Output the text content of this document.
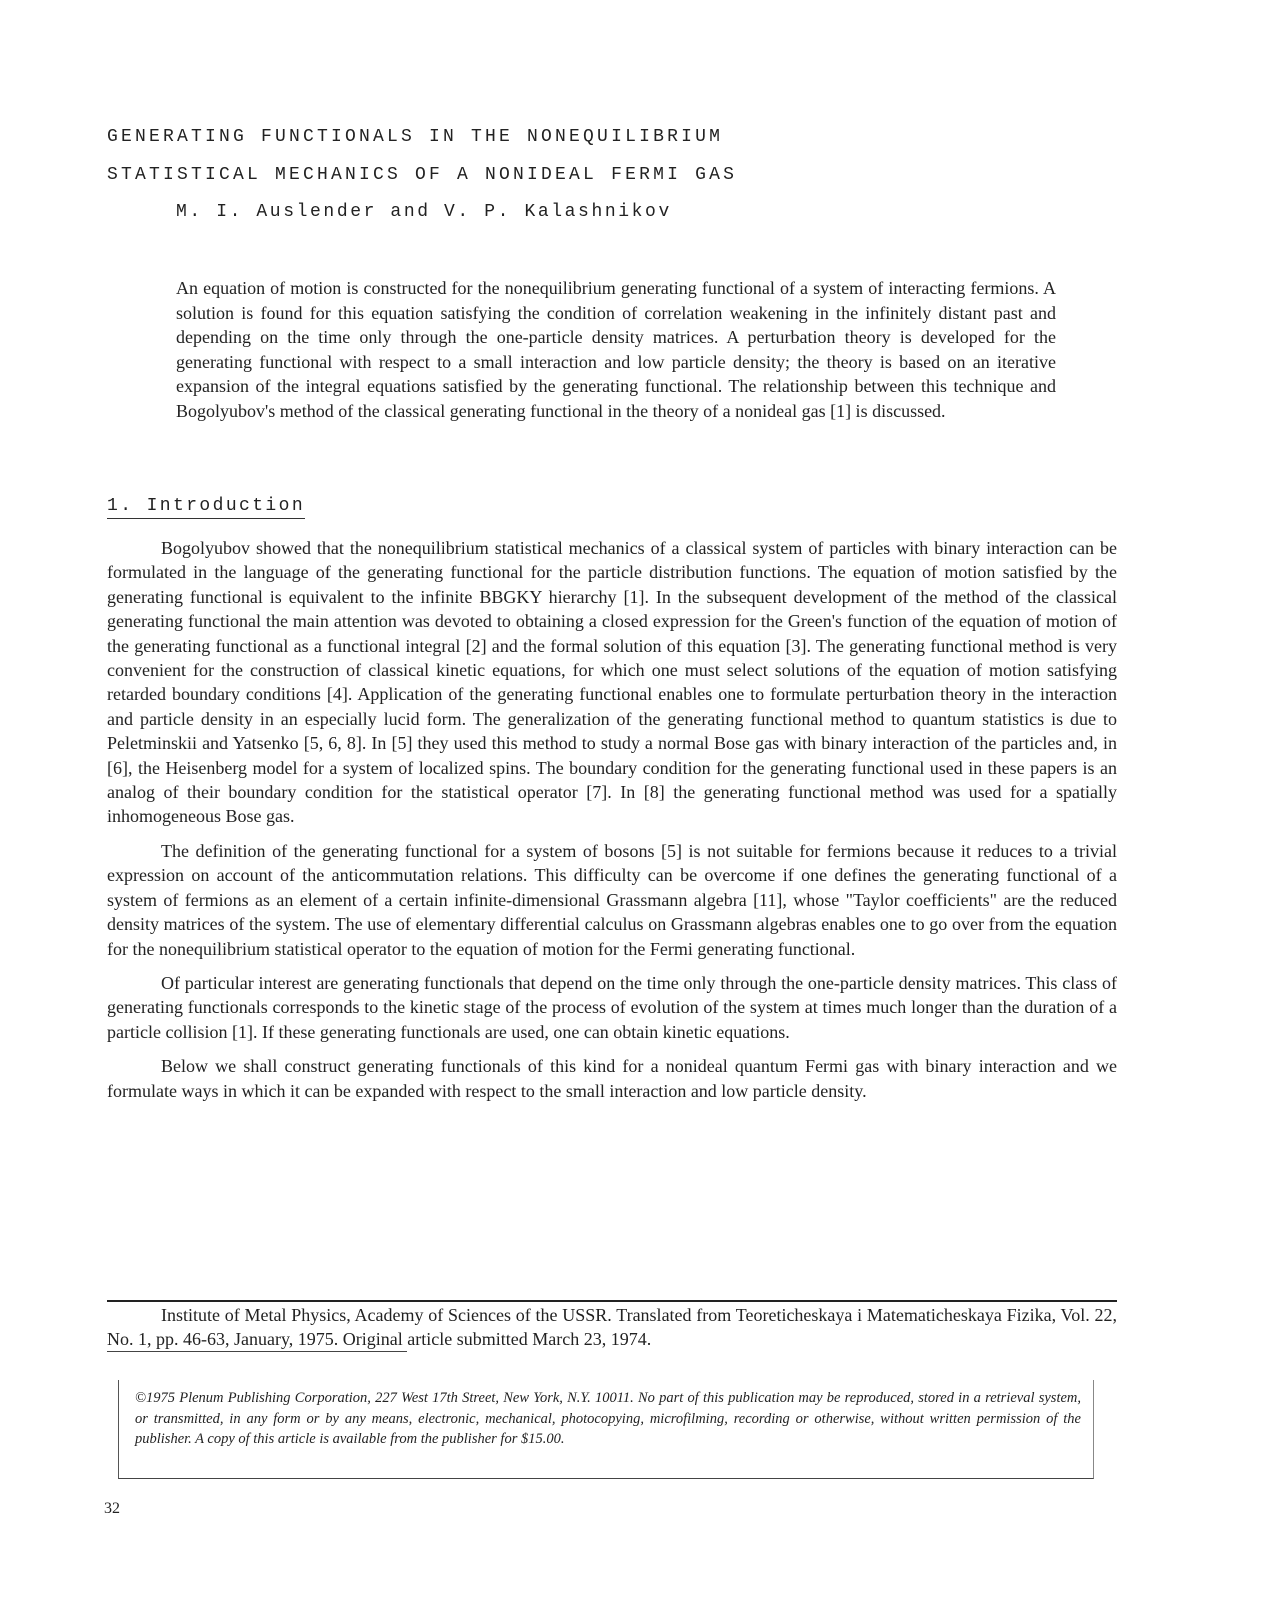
GENERATING FUNCTIONALS IN THE NONEQUILIBRIUM
STATISTICAL MECHANICS OF A NONIDEAL FERMI GAS
M. I. Auslender and V. P. Kalashnikov
An equation of motion is constructed for the nonequilibrium generating functional of a system of interacting fermions. A solution is found for this equation satisfying the condition of correlation weakening in the infinitely distant past and depending on the time only through the one-particle density matrices. A perturbation theory is developed for the generating functional with respect to a small interaction and low particle density; the theory is based on an iterative expansion of the integral equations satisfied by the generating functional. The relationship between this technique and Bogolyubov's method of the classical generating functional in the theory of a nonideal gas [1] is discussed.
1. Introduction

Bogolyubov showed that the nonequilibrium statistical mechanics of a classical system of particles with binary interaction can be formulated in the language of the generating functional for the particle distribution functions. The equation of motion satisfied by the generating functional is equivalent to the infinite BBGKY hierarchy [1]. In the subsequent development of the method of the classical generating functional the main attention was devoted to obtaining a closed expression for the Green's function of the equation of motion of the generating functional as a functional integral [2] and the formal solution of this equation [3]. The generating functional method is very convenient for the construction of classical kinetic equations, for which one must select solutions of the equation of motion satisfying retarded boundary conditions [4]. Application of the generating functional enables one to formulate perturbation theory in the interaction and particle density in an especially lucid form. The generalization of the generating functional method to quantum statistics is due to Peletminskii and Yatsenko [5, 6, 8]. In [5] they used this method to study a normal Bose gas with binary interaction of the particles and, in [6], the Heisenberg model for a system of localized spins. The boundary condition for the generating functional used in these papers is an analog of their boundary condition for the statistical operator [7]. In [8] the generating functional method was used for a spatially inhomogeneous Bose gas.

The definition of the generating functional for a system of bosons [5] is not suitable for fermions because it reduces to a trivial expression on account of the anticommutation relations. This difficulty can be overcome if one defines the generating functional of a system of fermions as an element of a certain infinite-dimensional Grassmann algebra [11], whose "Taylor coefficients" are the reduced density matrices of the system. The use of elementary differential calculus on Grassmann algebras enables one to go over from the equation for the nonequilibrium statistical operator to the equation of motion for the Fermi generating functional.

Of particular interest are generating functionals that depend on the time only through the one-particle density matrices. This class of generating functionals corresponds to the kinetic stage of the process of evolution of the system at times much longer than the duration of a particle collision [1]. If these generating functionals are used, one can obtain kinetic equations.

Below we shall construct generating functionals of this kind for a nonideal quantum Fermi gas with binary interaction and we formulate ways in which it can be expanded with respect to the small interaction and low particle density.

Institute of Metal Physics, Academy of Sciences of the USSR. Translated from Teoreticheskaya i Matematicheskaya Fizika, Vol. 22, No. 1, pp. 46-63, January, 1975. Original article submitted March 23, 1974.

©1975 Plenum Publishing Corporation, 227 West 17th Street, New York, N.Y. 10011. No part of this publication may be reproduced, stored in a retrieval system, or transmitted, in any form or by any means, electronic, mechanical, photocopying, microfilming, recording or otherwise, without written permission of the publisher. A copy of this article is available from the publisher for $15.00.
32
